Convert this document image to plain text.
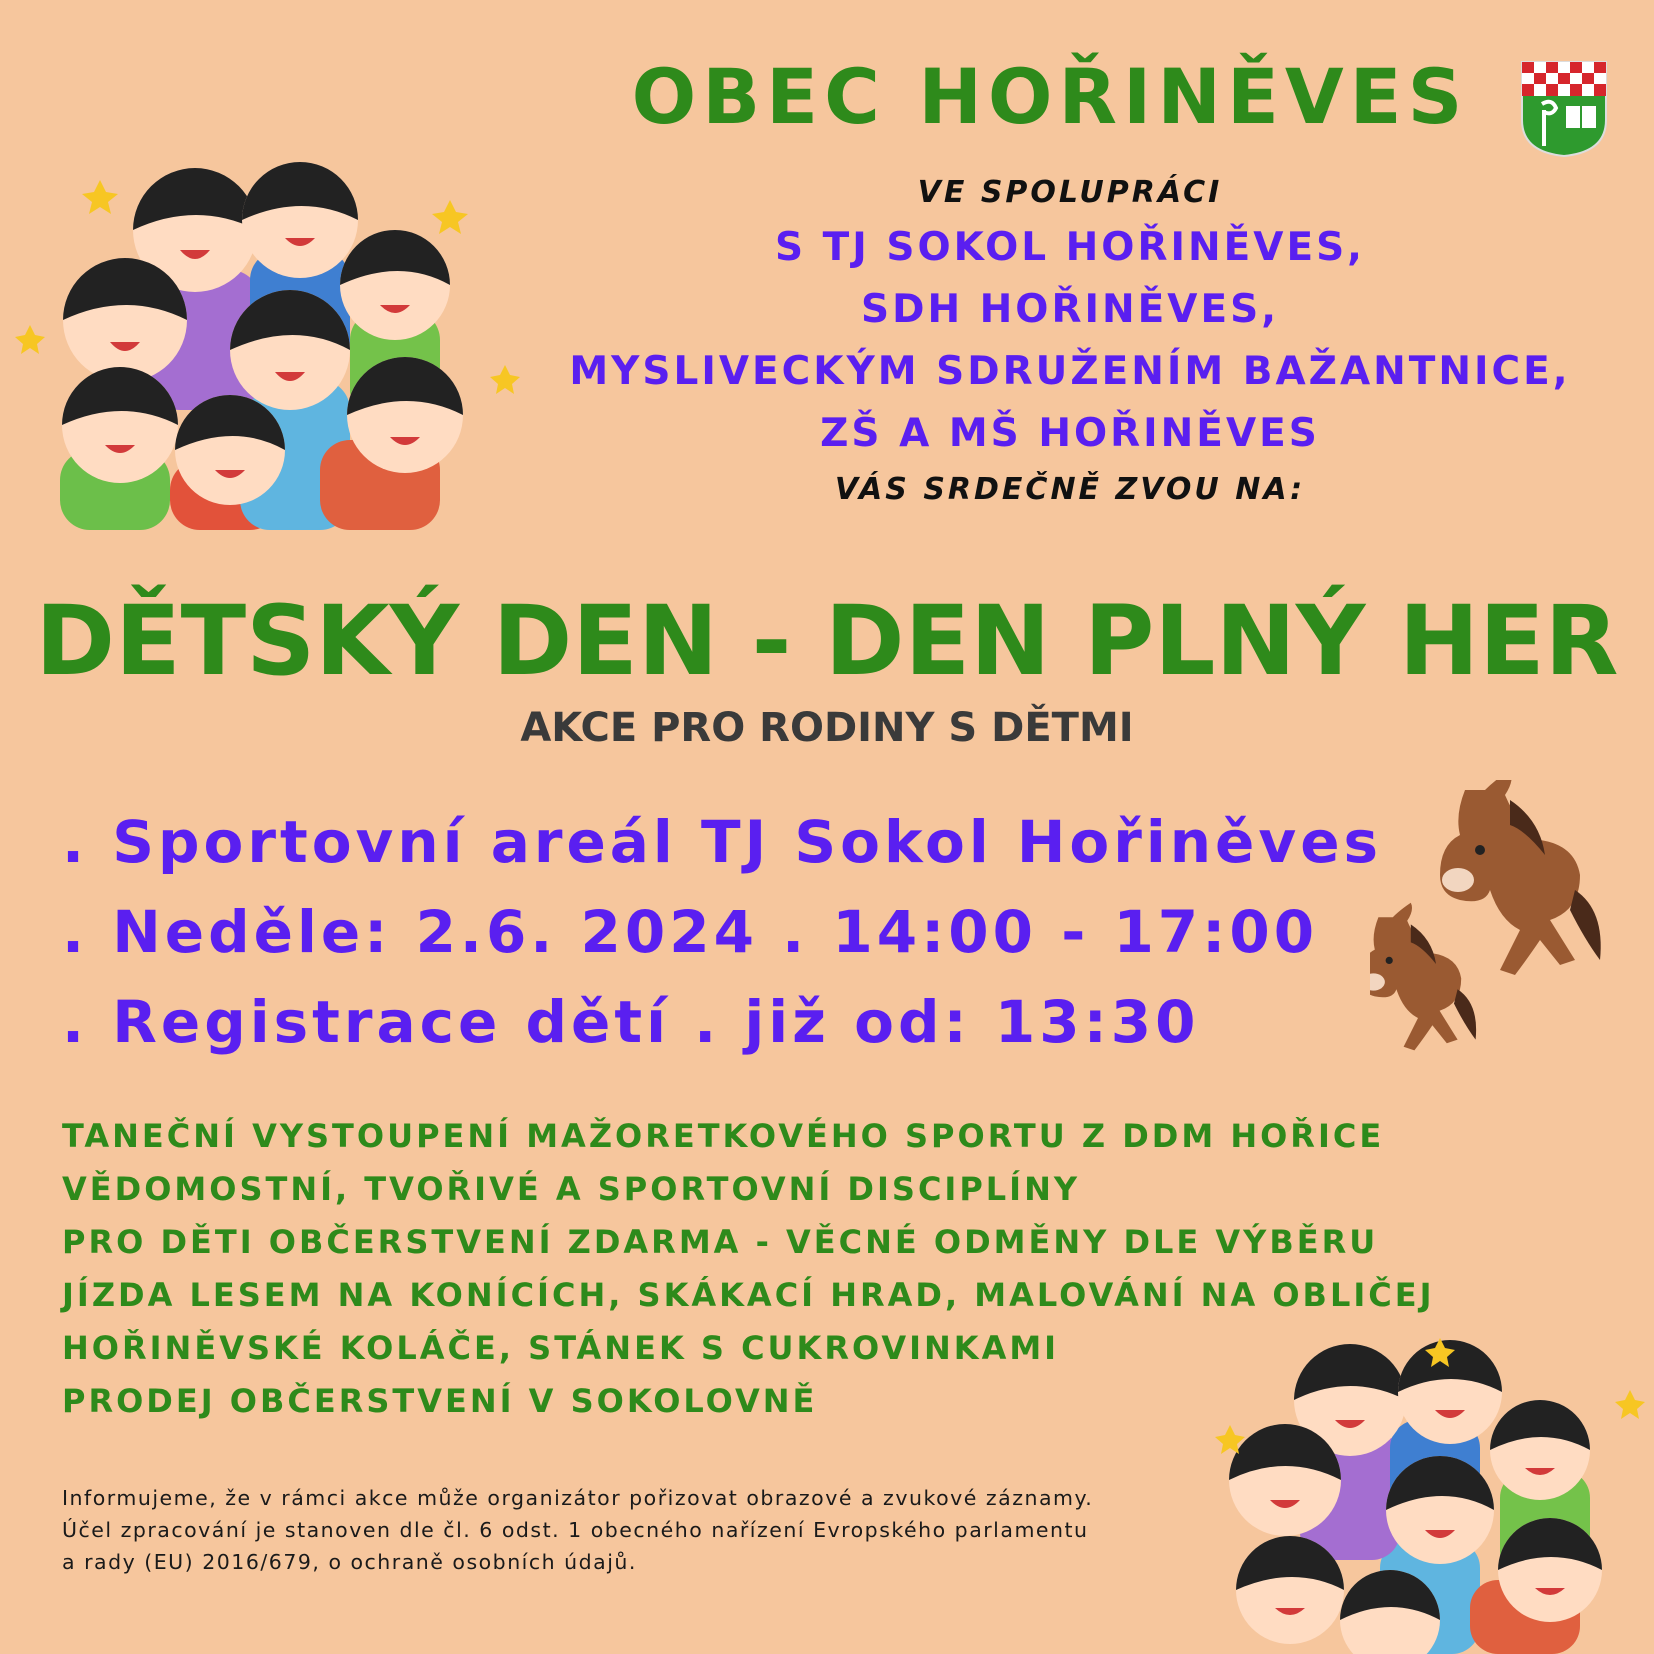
OBEC HOŘINĚVES
VE SPOLUPRÁCI
S TJ SOKOL HOŘINĚVES,
SDH HOŘINĚVES,
MYSLIVECKÝM SDRUŽENÍM BAŽANTNICE,
ZŠ A MŠ HOŘINĚVES
VÁS SRDEČNĚ ZVOU NA:
DĚTSKÝ DEN - DEN PLNÝ HER
AKCE PRO RODINY S DĚTMI
. Sportovní areál TJ Sokol Hořiněves
. Neděle: 2.6. 2024 . 14:00 - 17:00
. Registrace dětí . již od: 13:30
TANEČNÍ VYSTOUPENÍ MAŽORETKOVÉHO SPORTU Z DDM HOŘICE
VĚDOMOSTNÍ, TVOŘIVÉ A SPORTOVNÍ DISCIPLÍNY
PRO DĚTI OBČERSTVENÍ ZDARMA - VĚCNÉ ODMĚNY DLE VÝBĚRU
JÍZDA LESEM NA KONÍCÍCH, SKÁKACÍ HRAD, MALOVÁNÍ NA OBLIČEJ
HOŘINĚVSKÉ KOLÁČE, STÁNEK S CUKROVINKAMI
PRODEJ OBČERSTVENÍ V SOKOLOVNĚ
Informujeme, že v rámci akce může organizátor pořizovat obrazové a zvukové záznamy.
Účel zpracování je stanoven dle čl. 6 odst. 1 obecného nařízení Evropského parlamentu
a rady (EU) 2016/679, o ochraně osobních údajů.
